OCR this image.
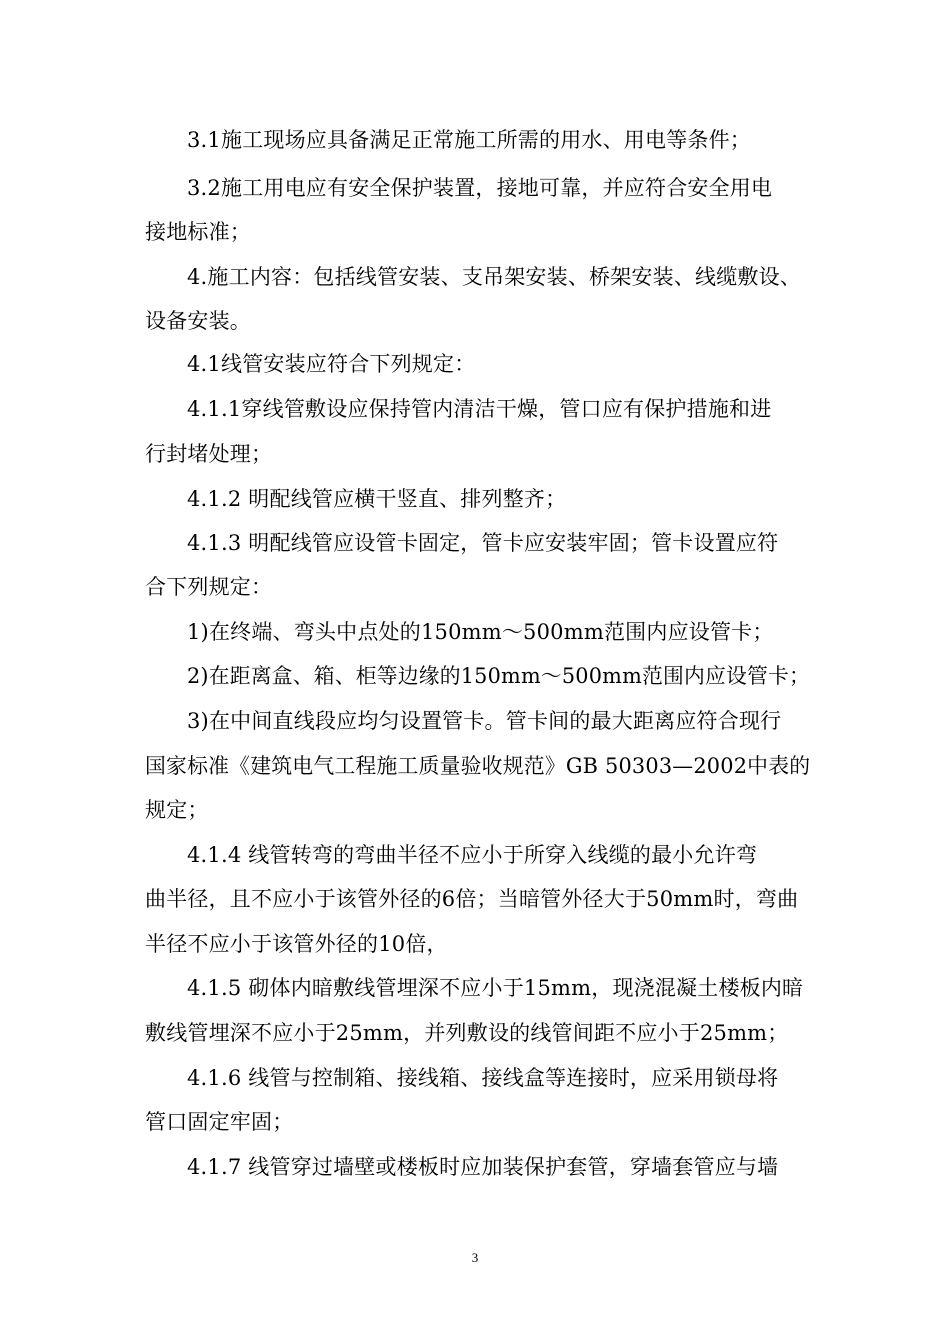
3.1施工现场应具备满足正常施工所需的用水、用电等条件；
3.2施工用电应有安全保护装置，接地可靠，并应符合安全用电
接地标准；
4.施工内容：包括线管安装、支吊架安装、桥架安装、线缆敷设、
设备安装。
4.1线管安装应符合下列规定：
4.1.1穿线管敷设应保持管内清洁干燥，管口应有保护措施和进
行封堵处理；
4.1.2 明配线管应横干竖直、排列整齐；
4.1.3 明配线管应设管卡固定，管卡应安装牢固；管卡设置应符
合下列规定：
1)在终端、弯头中点处的150mm～500mm范围内应设管卡；
2)在距离盒、箱、柜等边缘的150mm～500mm范围内应设管卡；
3)在中间直线段应均匀设置管卡。管卡间的最大距离应符合现行
国家标准《建筑电气工程施工质量验收规范》GB 50303—2002中表的
规定；
4.1.4 线管转弯的弯曲半径不应小于所穿入线缆的最小允许弯
曲半径，且不应小于该管外径的6倍；当暗管外径大于50mm时，弯曲
半径不应小于该管外径的10倍，
4.1.5 砌体内暗敷线管埋深不应小于15mm，现浇混凝土楼板内暗
敷线管埋深不应小于25mm，并列敷设的线管间距不应小于25mm；
4.1.6 线管与控制箱、接线箱、接线盒等连接时，应采用锁母将
管口固定牢固；
4.1.7 线管穿过墙壁或楼板时应加装保护套管，穿墙套管应与墙
3
